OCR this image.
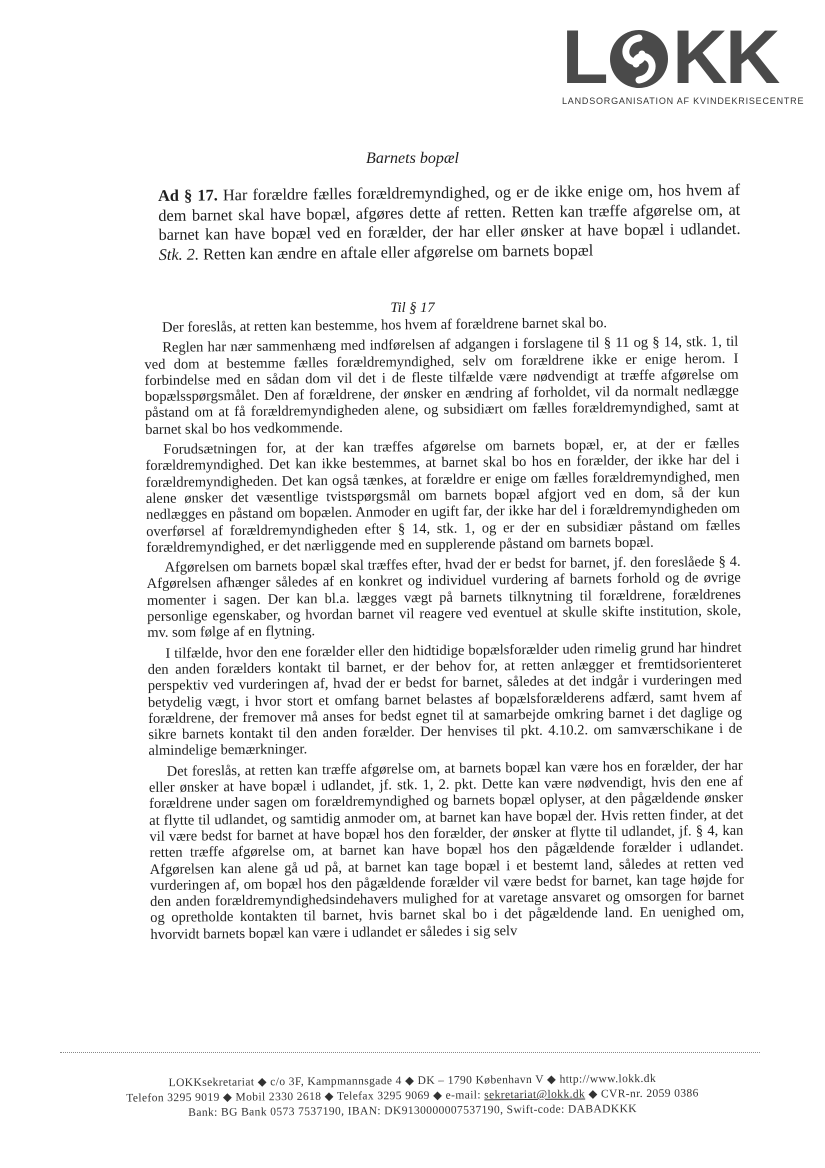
L KK
LANDSORGANISATION AF KVINDEKRISECENTRE
Barnets bopæl

Ad § 17. Har forældre fælles forældremyndighed, og er de ikke enige om, hos hvem af dem barnet skal have bopæl, afgøres dette af retten. Retten kan træffe afgørelse om, at barnet kan have bopæl ved en forælder, der har eller ønsker at have bopæl i udlandet. Stk. 2. Retten kan ændre en aftale eller afgørelse om barnets bopæl

Til § 17

Der foreslås, at retten kan bestemme, hos hvem af forældrene barnet skal bo.

Reglen har nær sammenhæng med indførelsen af adgangen i forslagene til § 11 og § 14, stk. 1, til ved dom at bestemme fælles forældremyndighed, selv om forældrene ikke er enige herom. I forbindelse med en sådan dom vil det i de fleste tilfælde være nødvendigt at træffe afgørelse om bopælsspørgsmålet. Den af forældrene, der ønsker en ændring af forholdet, vil da normalt nedlægge påstand om at få forældremyndigheden alene, og subsidiært om fælles forældremyndighed, samt at barnet skal bo hos vedkommende.

Forudsætningen for, at der kan træffes afgørelse om barnets bopæl, er, at der er fælles forældremyndighed. Det kan ikke bestemmes, at barnet skal bo hos en forælder, der ikke har del i forældremyndigheden. Det kan også tænkes, at forældre er enige om fælles forældremyndighed, men alene ønsker det væsentlige tvistspørgsmål om barnets bopæl afgjort ved en dom, så der kun nedlægges en påstand om bopælen. Anmoder en ugift far, der ikke har del i forældremyndigheden om overførsel af forældremyndigheden efter § 14, stk. 1, og er der en subsidiær påstand om fælles forældremyndighed, er det nærliggende med en supplerende påstand om barnets bopæl.

Afgørelsen om barnets bopæl skal træffes efter, hvad der er bedst for barnet, jf. den foreslåede § 4. Afgørelsen afhænger således af en konkret og individuel vurdering af barnets forhold og de øvrige momenter i sagen. Der kan bl.a. lægges vægt på barnets tilknytning til forældrene, forældrenes personlige egenskaber, og hvordan barnet vil reagere ved eventuel at skulle skifte institution, skole, mv. som følge af en flytning.

I tilfælde, hvor den ene forælder eller den hidtidige bopælsforælder uden rimelig grund har hindret den anden forælders kontakt til barnet, er der behov for, at retten anlægger et fremtidsorienteret perspektiv ved vurderingen af, hvad der er bedst for barnet, således at det indgår i vurderingen med betydelig vægt, i hvor stort et omfang barnet belastes af bopælsforælderens adfærd, samt hvem af forældrene, der fremover må anses for bedst egnet til at samarbejde omkring barnet i det daglige og sikre barnets kontakt til den anden forælder. Der henvises til pkt. 4.10.2. om samværschikane i de almindelige bemærkninger.

Det foreslås, at retten kan træffe afgørelse om, at barnets bopæl kan være hos en forælder, der har eller ønsker at have bopæl i udlandet, jf. stk. 1, 2. pkt. Dette kan være nødvendigt, hvis den ene af forældrene under sagen om forældremyndighed og barnets bopæl oplyser, at den pågældende ønsker at flytte til udlandet, og samtidig anmoder om, at barnet kan have bopæl der. Hvis retten finder, at det vil være bedst for barnet at have bopæl hos den forælder, der ønsker at flytte til udlandet, jf. § 4, kan retten træffe afgørelse om, at barnet kan have bopæl hos den pågældende forælder i udlandet. Afgørelsen kan alene gå ud på, at barnet kan tage bopæl i et bestemt land, således at retten ved vurderingen af, om bopæl hos den pågældende forælder vil være bedst for barnet, kan tage højde for den anden forældremyndighedsindehavers mulighed for at varetage ansvaret og omsorgen for barnet og opretholde kontakten til barnet, hvis barnet skal bo i det pågældende land. En uenighed om, hvorvidt barnets bopæl kan være i udlandet er således i sig selv

LOKKsekretariat ◆ c/o 3F, Kampmannsgade 4 ◆ DK – 1790 København V ◆ http://www.lokk.dk
Telefon 3295 9019 ◆ Mobil 2330 2618 ◆ Telefax 3295 9069 ◆ e-mail: sekretariat@lokk.dk ◆ CVR-nr. 2059 0386
Bank: BG Bank 0573 7537190, IBAN: DK9130000007537190, Swift-code: DABADKKK
